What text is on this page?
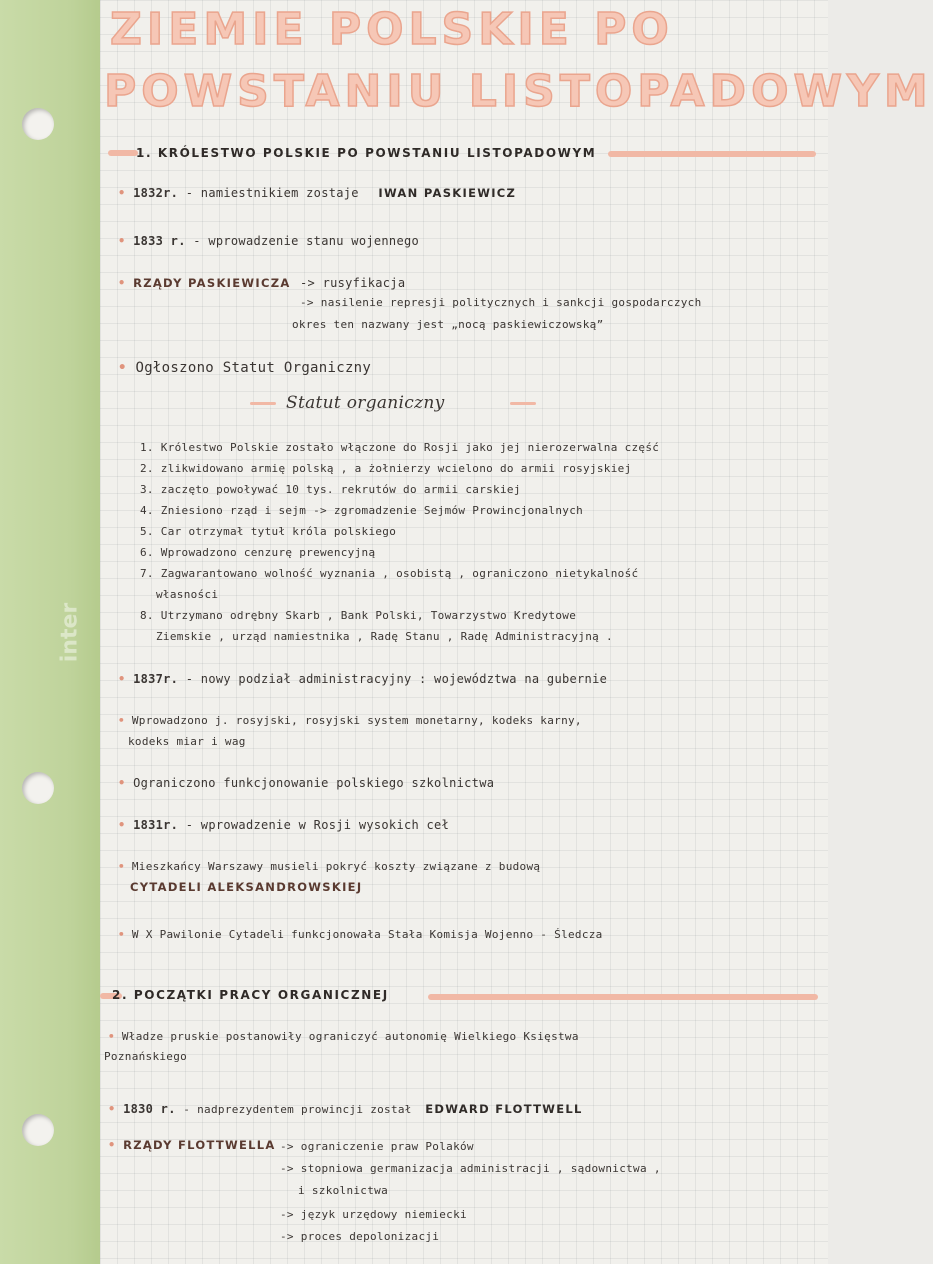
ZIEMIE POLSKIE PO
POWSTANIU LISTOPADOWYM
1. KRÓLESTWO POLSKIE PO POWSTANIU LISTOPADOWYM
• 1832r. - namiestnikiem zostaje IWAN PASKIEWICZ
• 1833 r. - wprowadzenie stanu wojennego
• RZĄDY PASKIEWICZA -> rusyfikacja
-> nasilenie represji politycznych i sankcji gospodarczych
okres ten nazwany jest „nocą paskiewiczowską”
• Ogłoszono Statut Organiczny
Statut organiczny
1. Królestwo Polskie zostało włączone do Rosji jako jej nierozerwalna część
2. zlikwidowano armię polską , a żołnierzy wcielono do armii rosyjskiej
3. zaczęto powoływać 10 tys. rekrutów do armii carskiej
4. Zniesiono rząd i sejm -> zgromadzenie Sejmów Prowincjonalnych
5. Car otrzymał tytuł króla polskiego
6. Wprowadzono cenzurę prewencyjną
7. Zagwarantowano wolność wyznania , osobistą , ograniczono nietykalność
własności
8. Utrzymano odrębny Skarb , Bank Polski, Towarzystwo Kredytowe
Ziemskie , urząd namiestnika , Radę Stanu , Radę Administracyjną .
• 1837r. - nowy podział administracyjny : województwa na gubernie
• Wprowadzono j. rosyjski, rosyjski system monetarny, kodeks karny,
kodeks miar i wag
• Ograniczono funkcjonowanie polskiego szkolnictwa
• 1831r. - wprowadzenie w Rosji wysokich ceł
• Mieszkańcy Warszawy musieli pokryć koszty związane z budową
CYTADELI ALEKSANDROWSKIEJ
• W X Pawilonie Cytadeli funkcjonowała Stała Komisja Wojenno - Śledcza
2. POCZĄTKI PRACY ORGANICZNEJ
• Władze pruskie postanowiły ograniczyć autonomię Wielkiego Księstwa
Poznańskiego
• 1830 r. - nadprezydentem prowincji został EDWARD FLOTTWELL
• RZĄDY FLOTTWELLA -> ograniczenie praw Polaków
-> stopniowa germanizacja administracji , sądownictwa ,
i szkolnictwa
-> język urzędowy niemiecki
-> proces depolonizacji
inter
